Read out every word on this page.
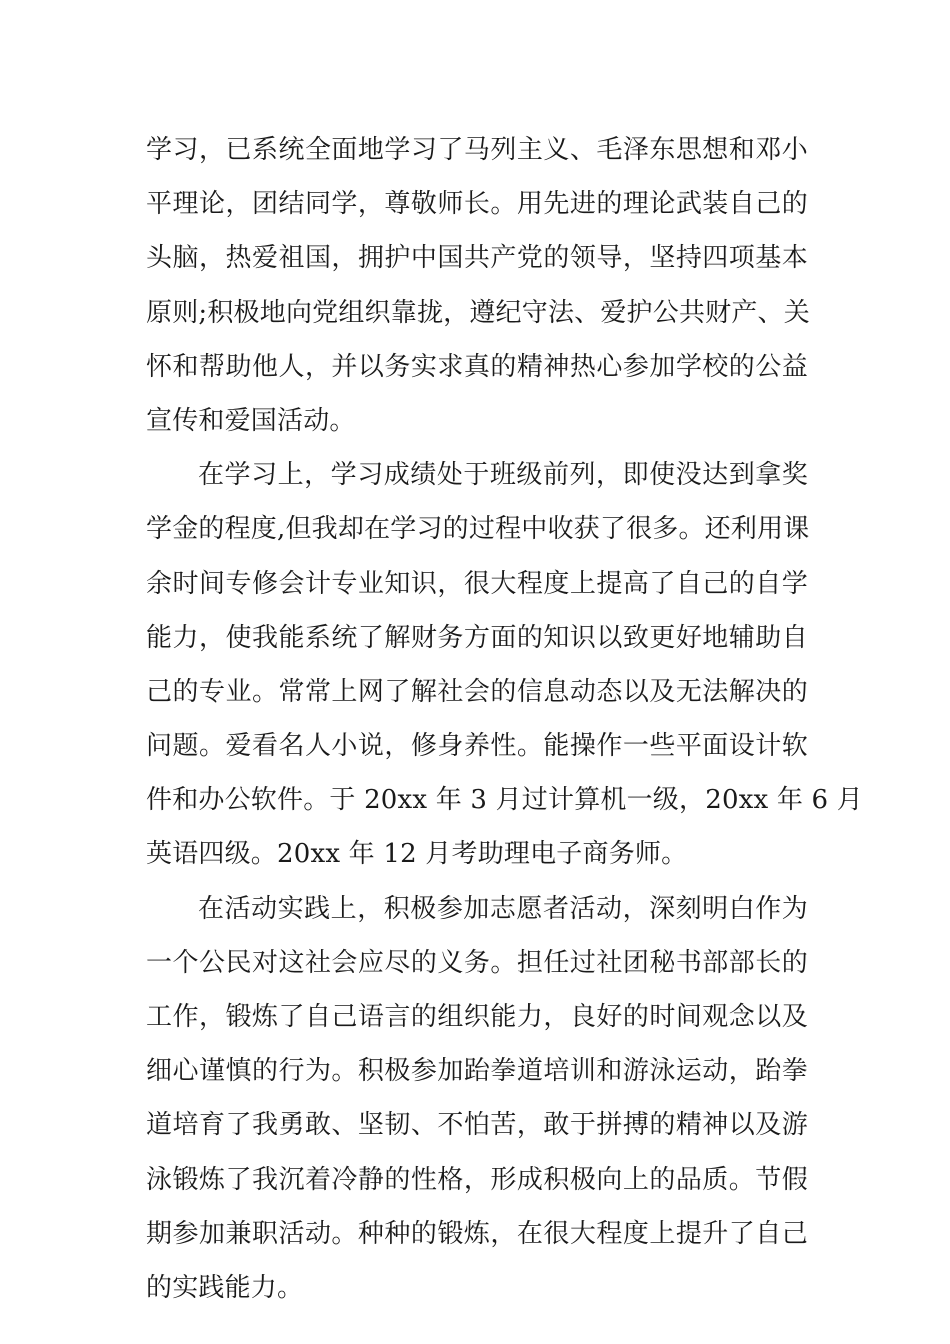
学习，已系统全面地学习了马列主义、毛泽东思想和邓小
平理论，团结同学，尊敬师长。用先进的理论武装自己的
头脑，热爱祖国，拥护中国共产党的领导，坚持四项基本
原则;积极地向党组织靠拢，遵纪守法、爱护公共财产、关
怀和帮助他人，并以务实求真的精神热心参加学校的公益
宣传和爱国活动。
在学习上，学习成绩处于班级前列，即使没达到拿奖
学金的程度,但我却在学习的过程中收获了很多。还利用课
余时间专修会计专业知识，很大程度上提高了自己的自学
能力，使我能系统了解财务方面的知识以致更好地辅助自
己的专业。常常上网了解社会的信息动态以及无法解决的
问题。爱看名人小说，修身养性。能操作一些平面设计软
件和办公软件。于 20xx 年 3 月过计算机一级，20xx 年 6 月
英语四级。20xx 年 12 月考助理电子商务师。
在活动实践上，积极参加志愿者活动，深刻明白作为
一个公民对这社会应尽的义务。担任过社团秘书部部长的
工作，锻炼了自己语言的组织能力，良好的时间观念以及
细心谨慎的行为。积极参加跆拳道培训和游泳运动，跆拳
道培育了我勇敢、坚韧、不怕苦，敢于拼搏的精神以及游
泳锻炼了我沉着冷静的性格，形成积极向上的品质。节假
期参加兼职活动。种种的锻炼，在很大程度上提升了自己
的实践能力。
